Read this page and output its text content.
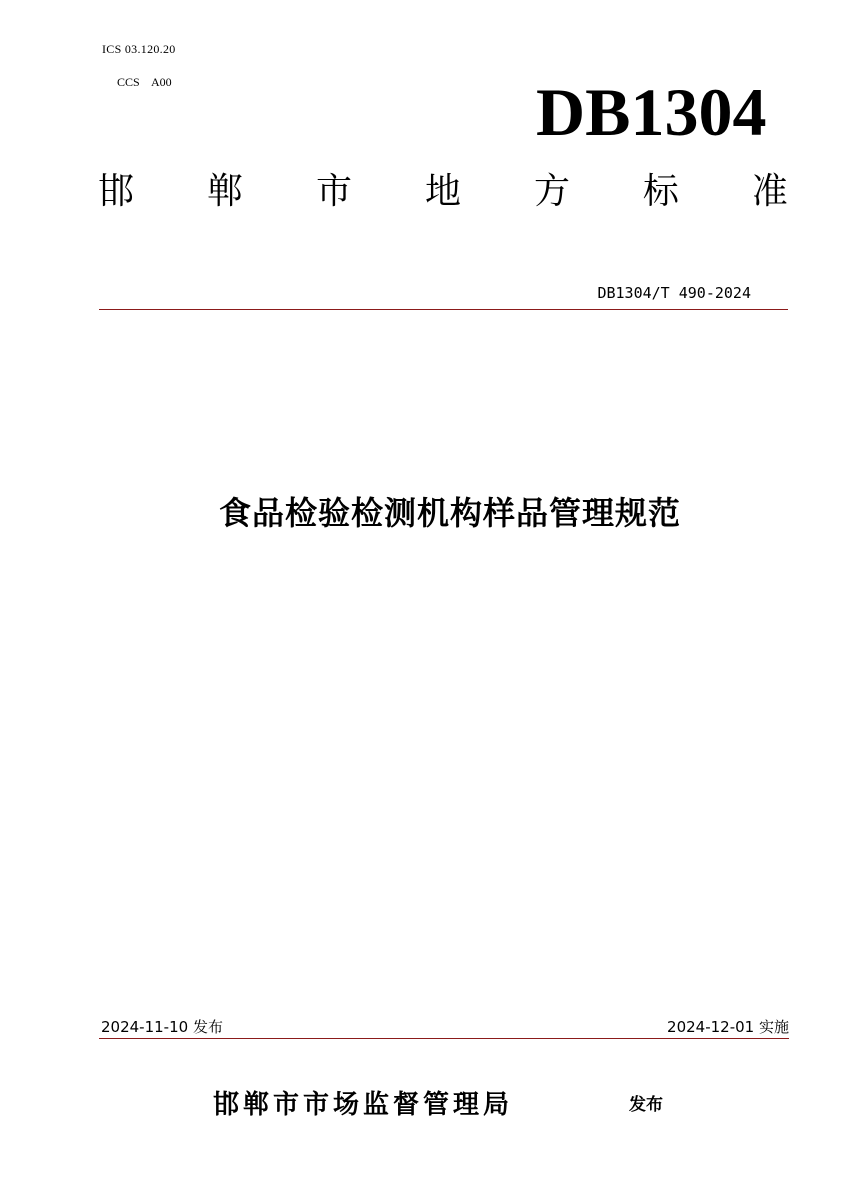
ICS 03.120.20
CCS    A00	DB1304
邯 郸 市 地 方 标 准
DB1304/T 490-2024
食品检验检测机构样品管理规范
2024-11-10 发布	2024-12-01 实施
邯郸市市场监督管理局	发布
